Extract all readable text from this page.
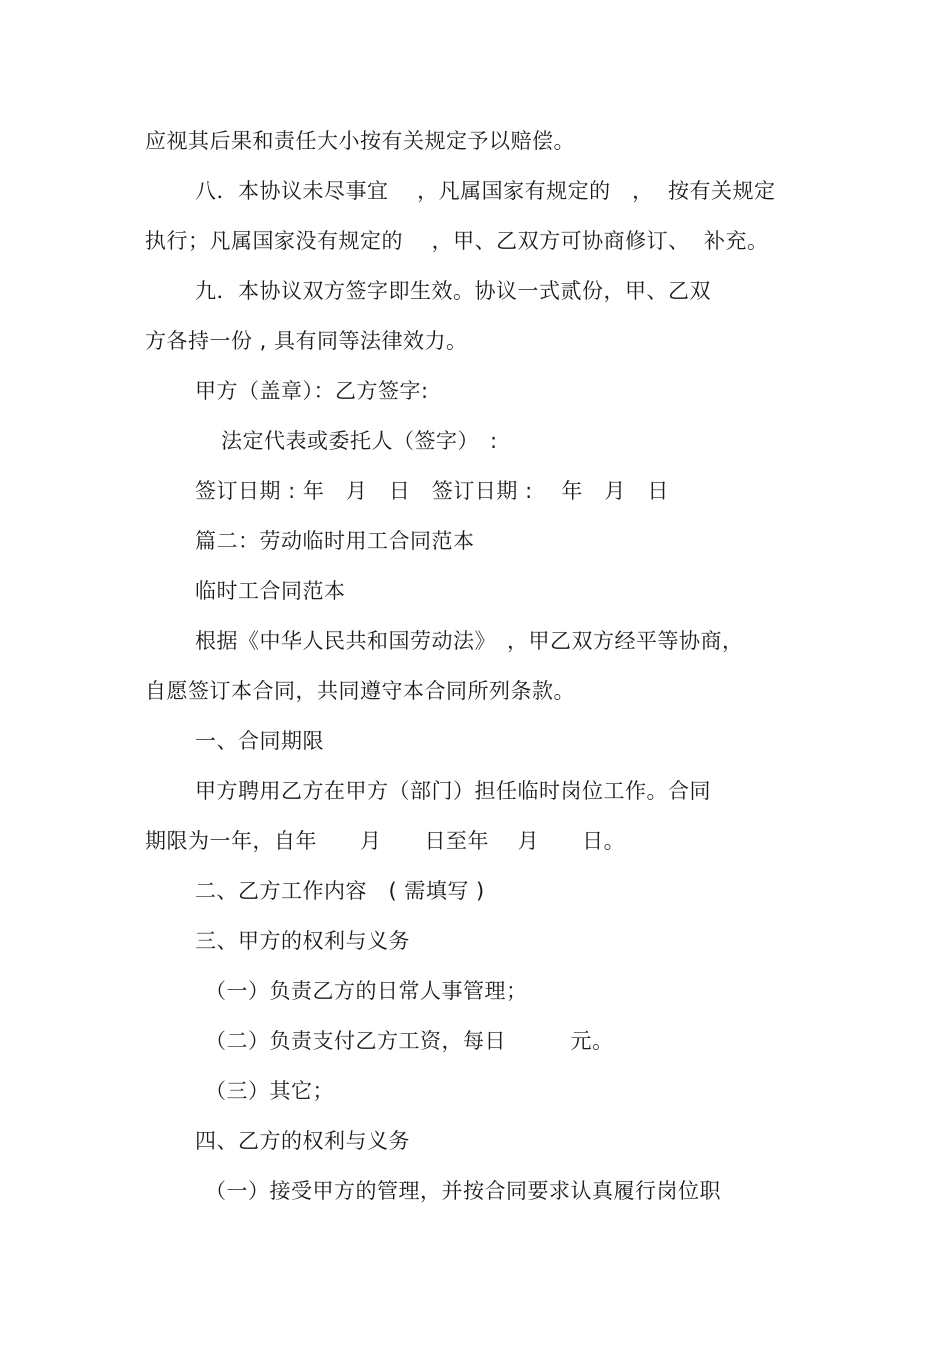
应视其后果和责任大小按有关规定予以赔偿。
八．本协议未尽事宜　 ，凡属国家有规定的　，  按有关规定
执行；凡属国家没有规定的　 ，甲、乙双方可协商修订、  补充。
九．本协议双方签字即生效。协议一式贰份，甲、乙双
方各持一份 , 具有同等法律效力。
甲方（盖章）：乙方签字:
法定代表或委托人（签字）　:
签订日期 : 年　月　日　签订日期 :　 年　月　日
篇二：劳动临时用工合同范本
临时工合同范本
根据《中华人民共和国劳动法》　，甲乙双方经平等协商，
自愿签订本合同，共同遵守本合同所列条款。
一、合同期限
甲方聘用乙方在甲方（部门）担任临时岗位工作。合同
期限为一年，自年　　月　　日至年　 月　　日。
二、乙方工作内容　( 需填写 )
三、甲方的权利与义务
（一）负责乙方的日常人事管理；
（二）负责支付乙方工资，每日　　　元。
（三）其它；
四、乙方的权利与义务
（一）接受甲方的管理，并按合同要求认真履行岗位职
